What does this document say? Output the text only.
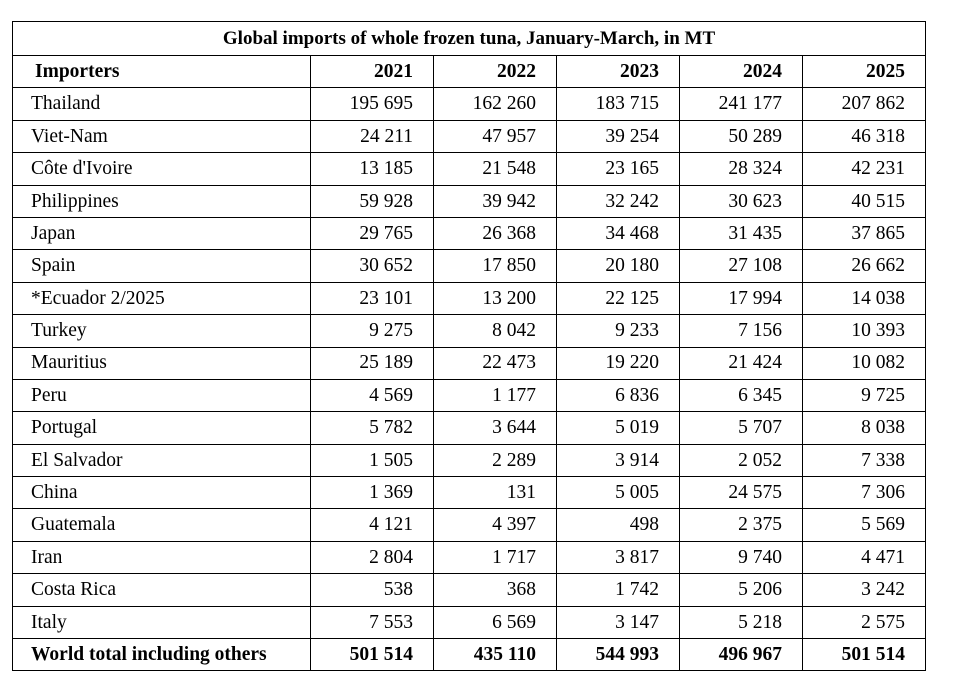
Global imports of whole frozen tuna, January-March, in MT					
Importers	2021	2022	2023	2024	2025
Thailand	195 695	162 260	183 715	241 177	207 862
Viet-Nam	24 211	47 957	39 254	50 289	46 318
Côte d'Ivoire	13 185	21 548	23 165	28 324	42 231
Philippines	59 928	39 942	32 242	30 623	40 515
Japan	29 765	26 368	34 468	31 435	37 865
Spain	30 652	17 850	20 180	27 108	26 662
*Ecuador 2/2025	23 101	13 200	22 125	17 994	14 038
Turkey	9 275	8 042	9 233	7 156	10 393
Mauritius	25 189	22 473	19 220	21 424	10 082
Peru	4 569	1 177	6 836	6 345	9 725
Portugal	5 782	3 644	5 019	5 707	8 038
El Salvador	1 505	2 289	3 914	2 052	7 338
China	1 369	131	5 005	24 575	7 306
Guatemala	4 121	4 397	498	2 375	5 569
Iran	2 804	1 717	3 817	9 740	4 471
Costa Rica	538	368	1 742	5 206	3 242
Italy	7 553	6 569	3 147	5 218	2 575
World total including others	501 514	435 110	544 993	496 967	501 514
